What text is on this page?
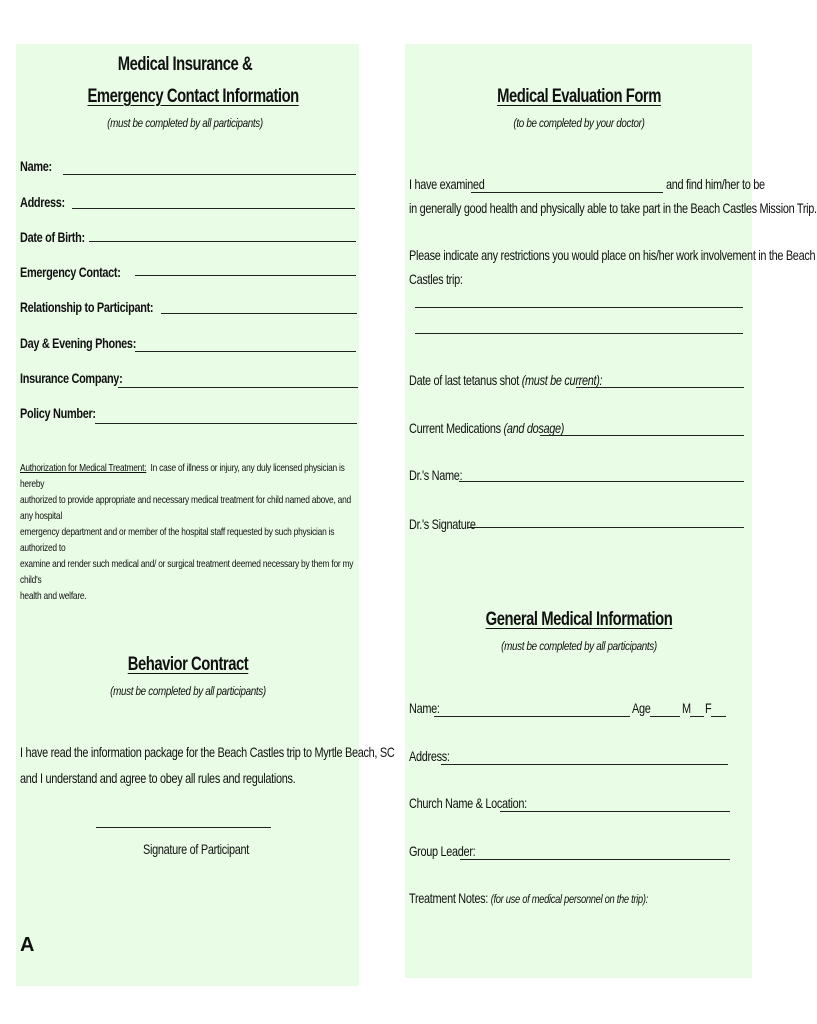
Medical Insurance &
Emergency Contact Information
(must be completed by all participants)
Name:
Address:
Date of Birth:
Emergency Contact:
Relationship to Participant:
Day & Evening Phones:
Insurance Company:
Policy Number:
Authorization for Medical Treatment: In case of illness or injury, any duly licensed physician is hereby
authorized to provide appropriate and necessary medical treatment for child named above, and any hospital
emergency department and or member of the hospital staff requested by such physician is authorized to
examine and render such medical and/ or surgical treatment deemed necessary by them for my child's
health and welfare.
Behavior Contract
(must be completed by all participants)
I have read the information package for the Beach Castles trip to Myrtle Beach, SC
and I understand and agree to obey all rules and regulations.
Signature of Participant
A
Medical Evaluation Form
(to be completed by your doctor)
I have examined	and find him/her to be
in generally good health and physically able to take part in the Beach Castles Mission Trip.
Please indicate any restrictions you would place on his/her work involvement in the Beach
Castles trip:
Date of last tetanus shot (must be current):
Current Medications (and dosage)
Dr.'s Name:
Dr.'s Signature
General Medical Information
(must be completed by all participants)
Name:	Age M F
Address:
Church Name & Location:
Group Leader:
Treatment Notes: (for use of medical personnel on the trip):
